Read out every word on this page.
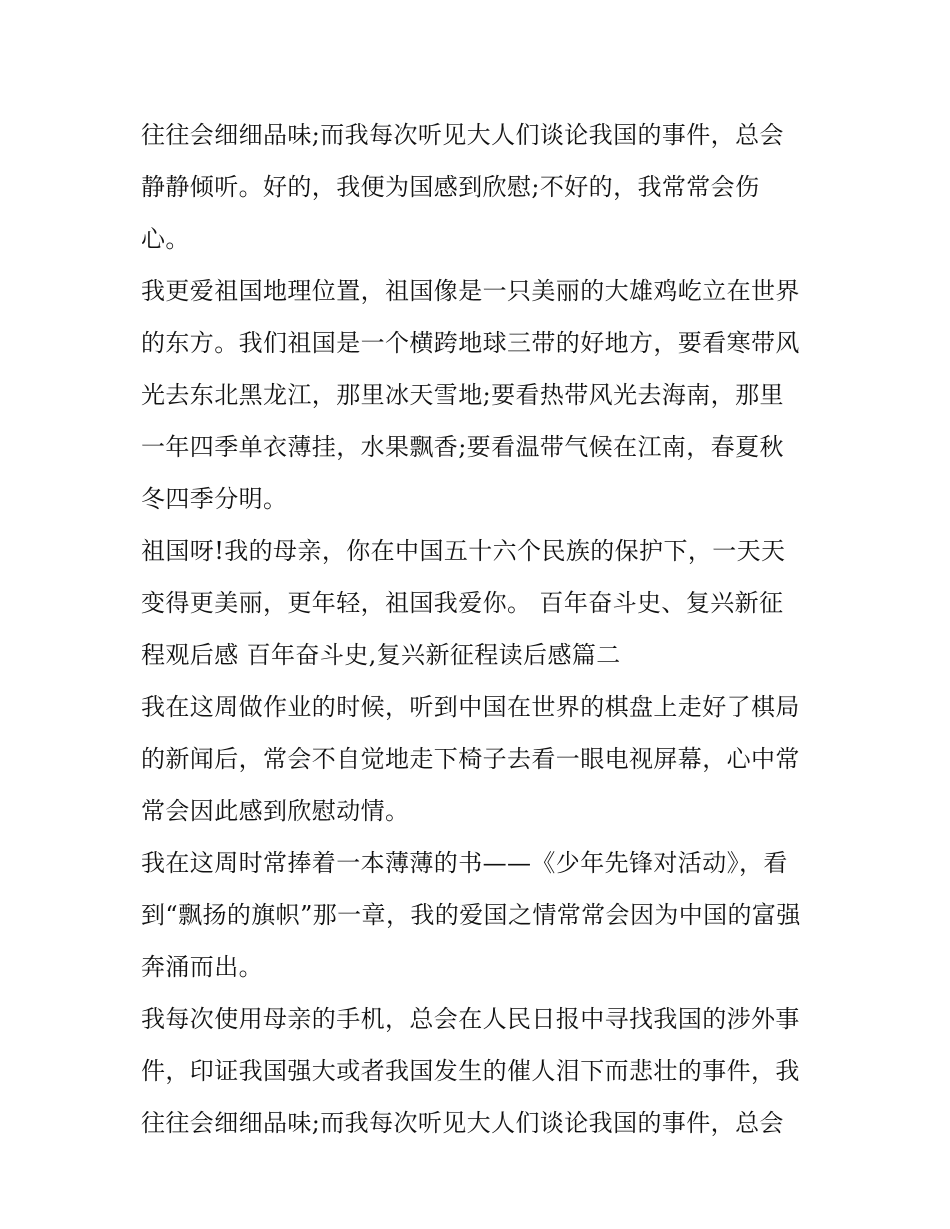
往往会细细品味;而我每次听见大人们谈论我国的事件，总会
静静倾听。好的，我便为国感到欣慰;不好的，我常常会伤
心。
我更爱祖国地理位置，祖国像是一只美丽的大雄鸡屹立在世界
的东方。我们祖国是一个横跨地球三带的好地方，要看寒带风
光去东北黑龙江，那里冰天雪地;要看热带风光去海南，那里
一年四季单衣薄挂，水果飘香;要看温带气候在江南，春夏秋
冬四季分明。
祖国呀!我的母亲，你在中国五十六个民族的保护下，一天天
变得更美丽，更年轻，祖国我爱你。 百年奋斗史、复兴新征
程观后感 百年奋斗史,复兴新征程读后感篇二
我在这周做作业的时候，听到中国在世界的棋盘上走好了棋局
的新闻后，常会不自觉地走下椅子去看一眼电视屏幕，心中常
常会因此感到欣慰动情。
我在这周时常捧着一本薄薄的书——《少年先锋对活动》，看
到“飘扬的旗帜”那一章，我的爱国之情常常会因为中国的富强
奔涌而出。
我每次使用母亲的手机，总会在人民日报中寻找我国的涉外事
件，印证我国强大或者我国发生的催人泪下而悲壮的事件，我
往往会细细品味;而我每次听见大人们谈论我国的事件，总会
